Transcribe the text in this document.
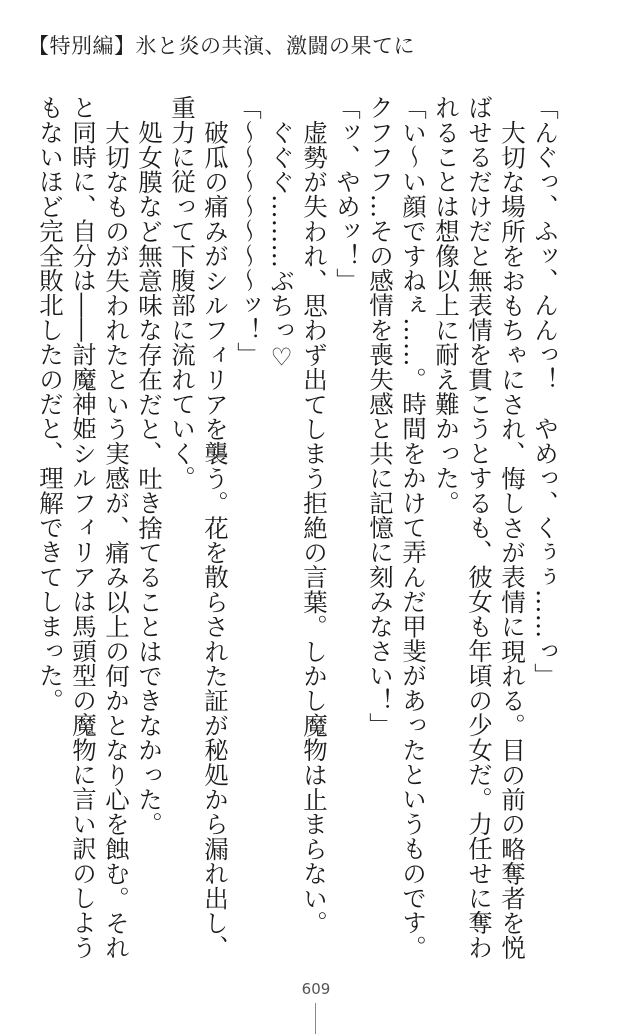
【特別編】氷と炎の共演、激闘の果てに

「んぐっ、ふッ、んんっ！　やめっ、くぅぅ……っ」

大切な場所をおもちゃにされ、悔しさが表情に現れる。目の前の略奪者を悦ばせるだけだと無表情を貫こうとするも、彼女も年頃の少女だ。力任せに奪われることは想像以上に耐え難かった。

「い〜い顔ですねぇ……。時間をかけて弄んだ甲斐があったというものです。クフフフ…その感情を喪失感と共に記憶に刻みなさい！」

「ッ、やめッ！」

虚勢が失われ、思わず出てしまう拒絶の言葉。しかし魔物は止まらない。

ぐぐぐ………ぶちっ♡

「〜〜〜〜〜〜〜ッ！」

破瓜の痛みがシルフィリアを襲う。花を散らされた証が秘処から漏れ出し、重力に従って下腹部に流れていく。

処女膜など無意味な存在だと、吐き捨てることはできなかった。

大切なものが失われたという実感が、痛み以上の何かとなり心を蝕む。それと同時に、自分は――討魔神姫シルフィリアは馬頭型の魔物に言い訳のしようもないほど完全敗北したのだと、理解できてしまった。

609
